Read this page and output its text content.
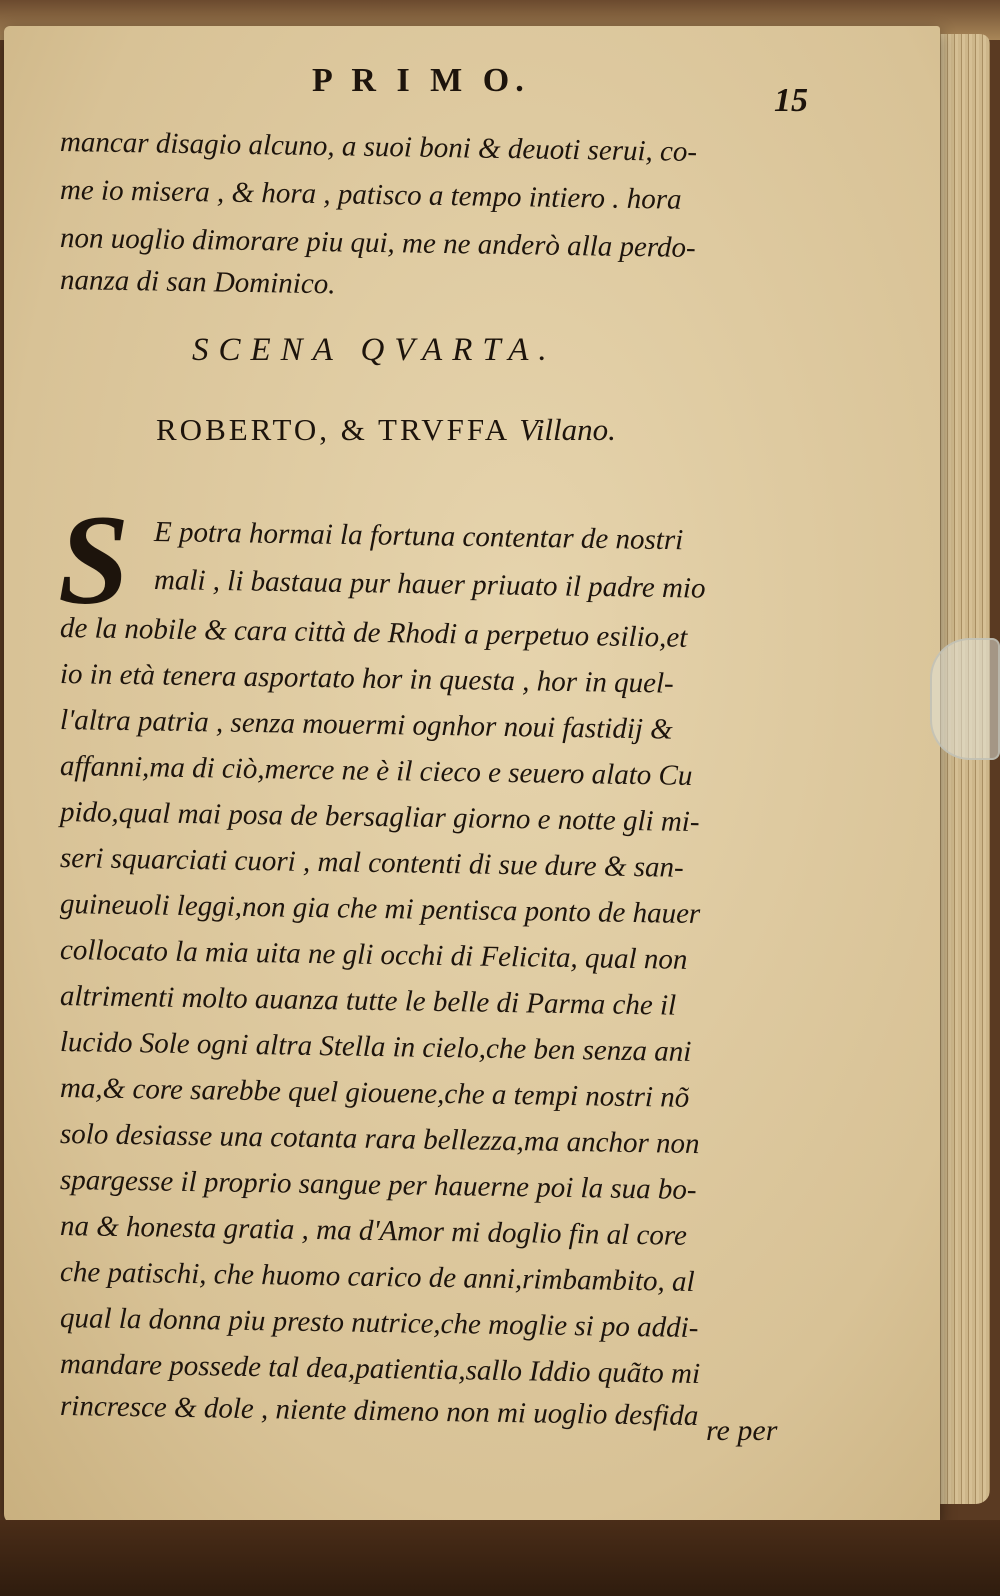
P R I M O.
15
mancar disagio alcuno, a suoi boni & deuoti serui, co-
me io misera , & hora , patisco a tempo intiero . hora
non uoglio dimorare piu qui, me ne anderò alla perdo-
nanza di san Dominico.
SCENA QVARTA.
ROBERTO, & TRVFFA Villano.
S E potra hormai la fortuna contentar de nostri
mali , li bastaua pur hauer priuato il padre mio
de la nobile & cara città de Rhodi a perpetuo esilio,et
io in età tenera asportato hor in questa , hor in quel-
l'altra patria , senza mouermi ognhor noui fastidij &
affanni,ma di ciò,merce ne è il cieco e seuero alato Cu
pido,qual mai posa de bersagliar giorno e notte gli mi-
seri squarciati cuori , mal contenti di sue dure & san-
guineuoli leggi,non gia che mi pentisca ponto de hauer
collocato la mia uita ne gli occhi di Felicita, qual non
altrimenti molto auanza tutte le belle di Parma che il
lucido Sole ogni altra Stella in cielo,che ben senza ani
ma,& core sarebbe quel giouene,che a tempi nostri nõ
solo desiasse una cotanta rara bellezza,ma anchor non
spargesse il proprio sangue per hauerne poi la sua bo-
na & honesta gratia , ma d'Amor mi doglio fin al core
che patischi, che huomo carico de anni,rimbambito, al
qual la donna piu presto nutrice,che moglie si po addi-
mandare possede tal dea,patientia,sallo Iddio quãto mi
rincresce & dole , niente dimeno non mi uoglio desfida re per
